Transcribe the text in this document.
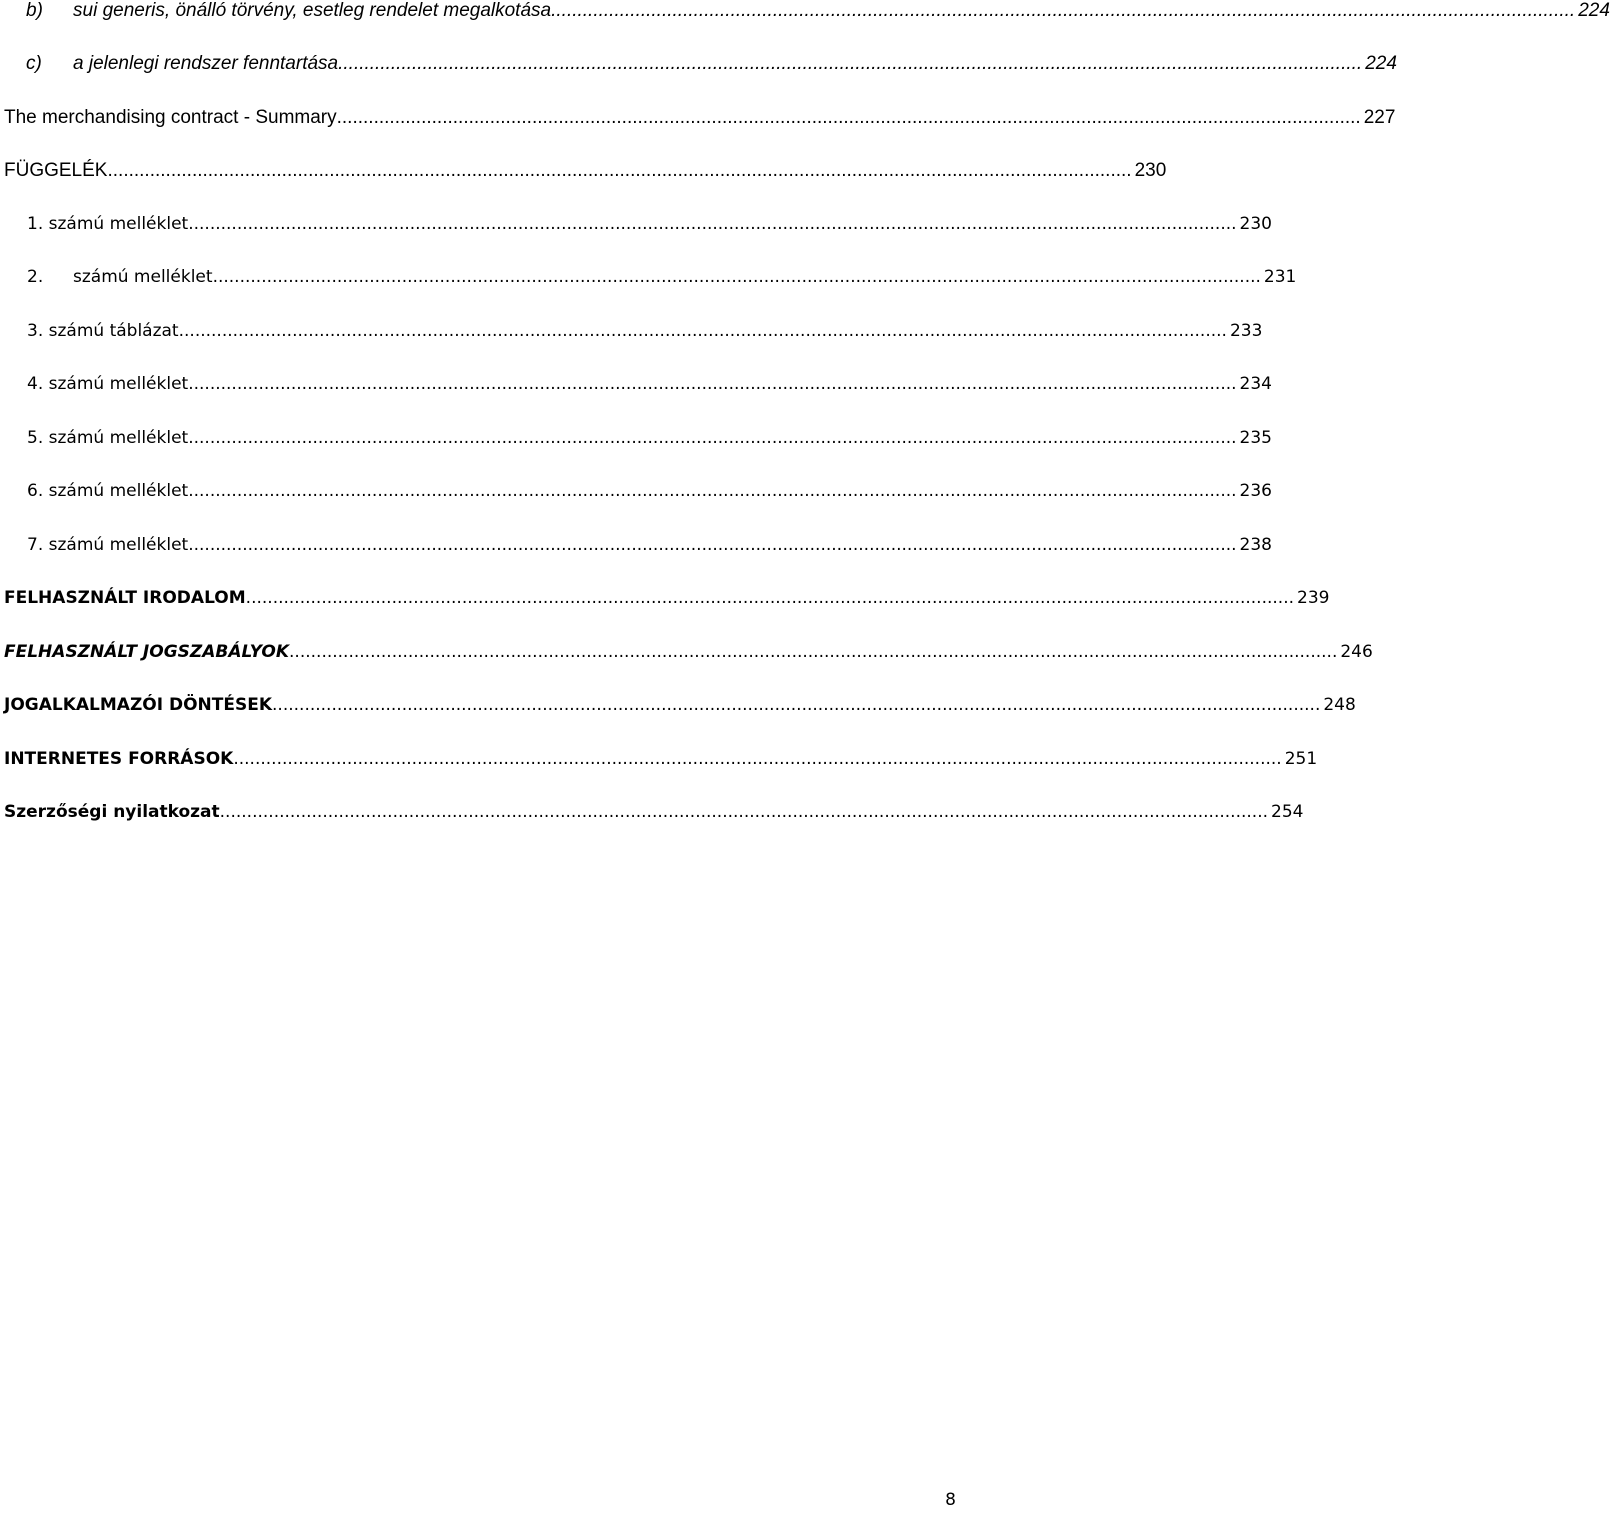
b) sui generis, önálló törvény, esetleg rendelet megalkotása .................................................................................................................................................................................................. 224
c) a jelenlegi rendszer fenntartása .................................................................................................................................................................................................. 224
The merchandising contract - Summary .................................................................................................................................................................................................. 227
FÜGGELÉK .................................................................................................................................................................................................. 230
1. számú melléklet .................................................................................................................................................................................................. 230
2. számú melléklet .................................................................................................................................................................................................. 231
3. számú táblázat .................................................................................................................................................................................................. 233
4. számú melléklet .................................................................................................................................................................................................. 234
5. számú melléklet .................................................................................................................................................................................................. 235
6. számú melléklet .................................................................................................................................................................................................. 236
7. számú melléklet .................................................................................................................................................................................................. 238
FELHASZNÁLT IRODALOM .................................................................................................................................................................................................. 239
FELHASZNÁLT JOGSZABÁLYOK .................................................................................................................................................................................................. 246
JOGALKALMAZÓI DÖNTÉSEK .................................................................................................................................................................................................. 248
INTERNETES FORRÁSOK .................................................................................................................................................................................................. 251
Szerzőségi nyilatkozat .................................................................................................................................................................................................. 254
8
